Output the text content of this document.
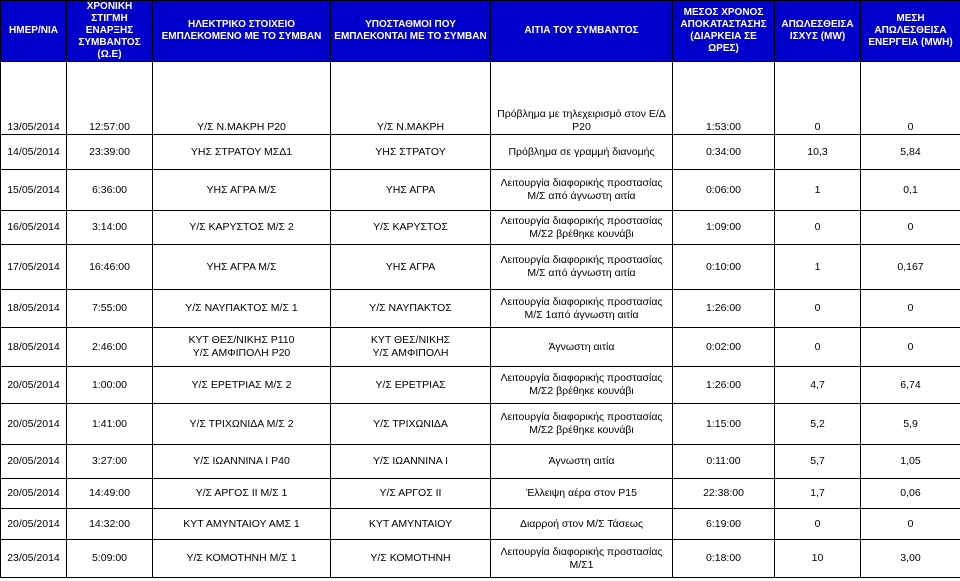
ΗΜΕΡ/ΝΙΑ	ΧΡΟΝΙΚΗ ΣΤΙΓΜΗ ΕΝΑΡΞΗΣ ΣΥΜΒΑΝΤΟΣ (Ω.Ε)	ΗΛΕΚΤΡΙΚΟ ΣΤΟΙΧΕΙΟ ΕΜΠΛΕΚΟΜΕΝΟ ΜΕ ΤΟ ΣΥΜΒΑΝ	ΥΠΟΣΤΑΘΜΟΙ ΠΟΥ ΕΜΠΛΕΚΟΝΤΑΙ ΜΕ ΤΟ ΣΥΜΒΑΝ	ΑΙΤΙΑ ΤΟΥ ΣΥΜΒΑΝΤΟΣ	ΜΕΣΟΣ ΧΡΟΝΟΣ ΑΠΟΚΑΤΑΣΤΑΣΗΣ (ΔΙΑΡΚΕΙΑ ΣΕ ΩΡΕΣ)	ΑΠΩΛΕΣΘΕΙΣΑ ΙΣΧΥΣ (MW)	ΜΕΣΗ ΑΠΩΛΕΣΘΕΙΣΑ ΕΝΕΡΓΕΙΑ (MWH)
13/05/2014	12:57:00	Υ/Σ Ν.ΜΑΚΡΗ Ρ20	Υ/Σ Ν.ΜΑΚΡΗ	Πρόβλημα με τηλεχειρισμό στον Ε/Δ
Ρ20	1:53:00	0	0
14/05/2014	23:39:00	ΥΗΣ ΣΤΡΑΤΟΥ ΜΣΔ1	ΥΗΣ ΣΤΡΑΤΟΥ	Πρόβλημα σε γραμμή διανομής	0:34:00	10,3	5,84
15/05/2014	6:36:00	ΥΗΣ ΑΓΡΑ Μ/Σ	ΥΗΣ ΑΓΡΑ	Λειτουργία διαφορικής προστασίας
Μ/Σ από άγνωστη αιτία	0:06:00	1	0,1
16/05/2014	3:14:00	Υ/Σ ΚΑΡΥΣΤΟΣ Μ/Σ 2	Υ/Σ ΚΑΡΥΣΤΟΣ	Λειτουργία διαφορικής προστασίας
Μ/Σ2 βρέθηκε κουνάβι	1:09:00	0	0
17/05/2014	16:46:00	ΥΗΣ ΑΓΡΑ Μ/Σ	ΥΗΣ ΑΓΡΑ	Λειτουργία διαφορικής προστασίας
Μ/Σ από άγνωστη αιτία	0:10:00	1	0,167
18/05/2014	7:55:00	Υ/Σ ΝΑΥΠΑΚΤΟΣ Μ/Σ 1	Υ/Σ ΝΑΥΠΑΚΤΟΣ	Λειτουργία διαφορικής προστασίας
Μ/Σ 1από άγνωστη αιτία	1:26:00	0	0
18/05/2014	2:46:00	ΚΥΤ ΘΕΣ/ΝΙΚΗΣ Ρ110
Υ/Σ ΑΜΦΙΠΟΛΗ Ρ20	ΚΥΤ ΘΕΣ/ΝΙΚΗΣ
Υ/Σ ΑΜΦΙΠΟΛΗ	Άγνωστη αιτία	0:02:00	0	0
20/05/2014	1:00:00	Υ/Σ ΕΡΕΤΡΙΑΣ Μ/Σ 2	Υ/Σ ΕΡΕΤΡΙΑΣ	Λειτουργία διαφορικής προστασίας
Μ/Σ2 βρέθηκε κουνάβι	1:26:00	4,7	6,74
20/05/2014	1:41:00	Υ/Σ ΤΡΙΧΩΝΙΔΑ Μ/Σ 2	Υ/Σ ΤΡΙΧΩΝΙΔΑ	Λειτουργία διαφορικής προστασίας
Μ/Σ2 βρέθηκε κουνάβι	1:15:00	5,2	5,9
20/05/2014	3:27:00	Υ/Σ ΙΩΑΝΝΙΝΑ Ι Ρ40	Υ/Σ ΙΩΑΝΝΙΝΑ Ι	Άγνωστη αιτία	0:11:00	5,7	1,05
20/05/2014	14:49:00	Υ/Σ ΑΡΓΟΣ ΙΙ Μ/Σ 1	Υ/Σ ΑΡΓΟΣ ΙΙ	Έλλειψη αέρα στον Ρ15	22:38:00	1,7	0,06
20/05/2014	14:32:00	ΚΥΤ ΑΜΥΝΤΑΙΟΥ ΑΜΣ 1	ΚΥΤ ΑΜΥΝΤΑΙΟΥ	Διαρροή στον Μ/Σ Τάσεως	6:19:00	0	0
23/05/2014	5:09:00	Υ/Σ ΚΟΜΟΤΗΝΗ Μ/Σ 1	Υ/Σ ΚΟΜΟΤΗΝΗ	Λειτουργία διαφορικής προστασίας
Μ/Σ1	0:18:00	10	3,00
